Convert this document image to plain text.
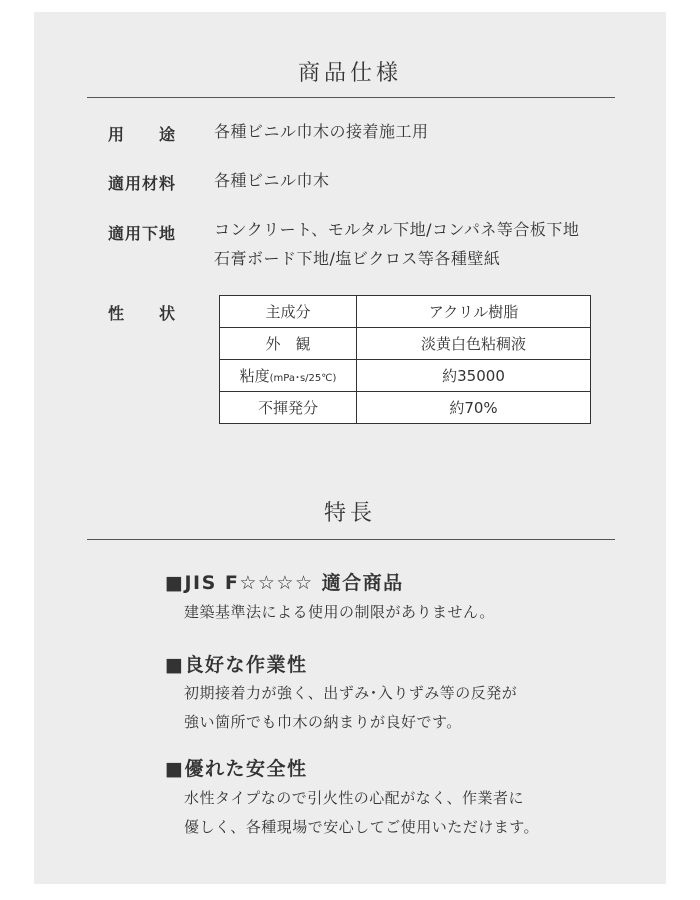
商品仕様
用　　途 各種ビニル巾木の接着施工用
適用材料 各種ビニル巾木
適用下地 コンクリート、モルタル下地/コンパネ等合板下地
石膏ボード下地/塩ビクロス等各種壁紙
性　　状	主成分	アクリル樹脂
外　観	淡黄白色粘稠液
粘度(mPa･s/25℃)	約35000
不揮発分	約70%
特長
■JIS F☆☆☆☆ 適合商品
建築基準法による使用の制限がありません。
■良好な作業性
初期接着力が強く、出ずみ･入りずみ等の反発が
強い箇所でも巾木の納まりが良好です。
■優れた安全性
水性タイプなので引火性の心配がなく、作業者に
優しく、各種現場で安心してご使用いただけます。
